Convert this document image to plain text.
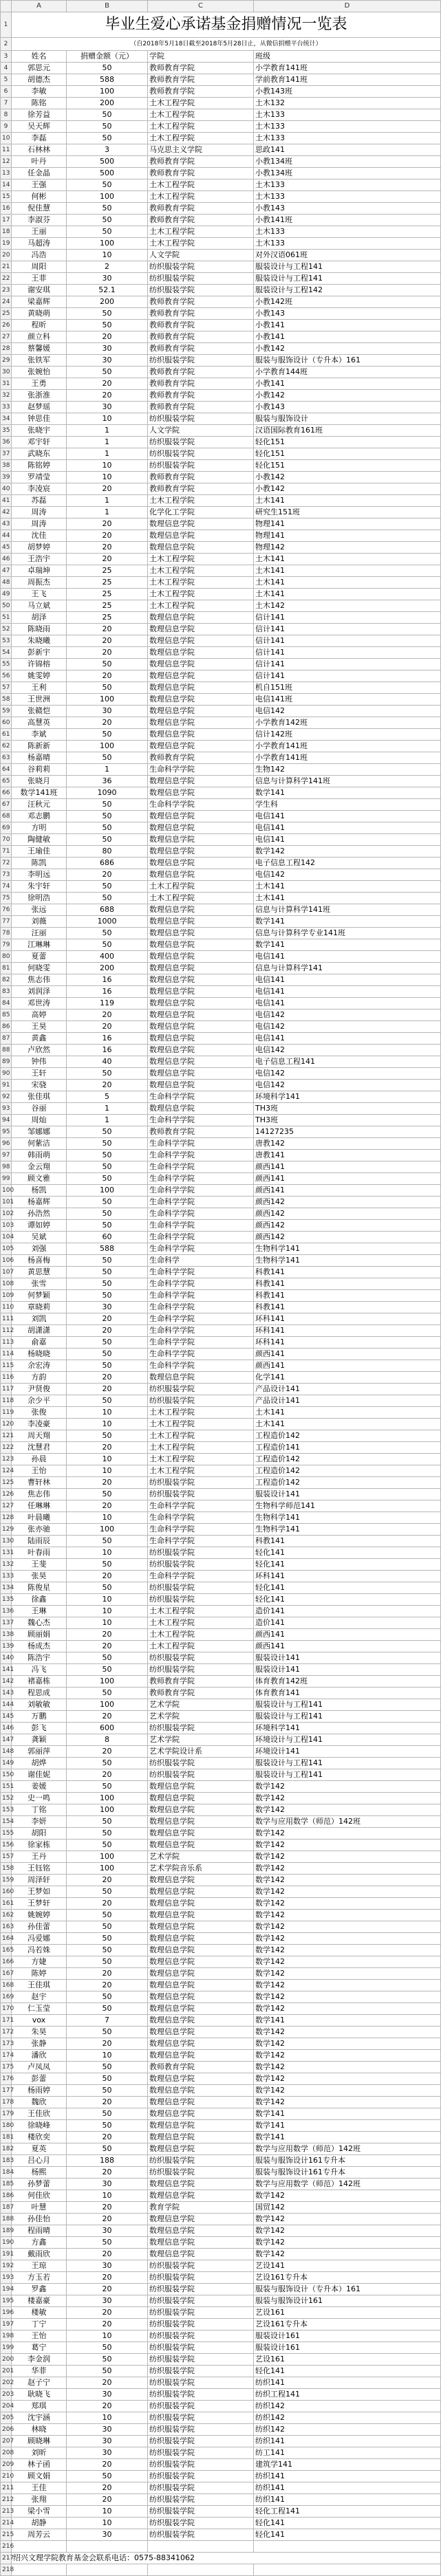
	A	B	C	D
1	毕业生爱心承诺基金捐赠情况一览表			
2	（自2018年5月18日截至2018年5月28日止，从微信捐赠平台统计）			
3	姓名	捐赠金额（元）	学院	班级
4	郭思元	50	教师教育学院	小学教育141班
5	胡德杰	588	教师教育学院	学前教育141班
6	李敏	100	教师教育学院	小教143班
7	陈铭	200	土木工程学院	土木132
8	徐芳益	50	土木工程学院	土木133
9	吴天辉	50	土木工程学院	土木133
10	李磊	50	土木工程学院	土木133
11	石林林	3	马克思主义学院	思政141
12	叶丹	500	教师教育学院	小教134班
13	任金晶	500	教师教育学院	小教134班
14	王强	50	土木工程学院	土木133
15	何彬	100	土木工程学院	土木133
16	倪佳慧	50	教师教育学院	小教143
17	李淑芬	50	教师教育学院	小教141班
18	王丽	50	土木工程学院	土木133
19	马超涛	100	土木工程学院	土木133
20	冯浩	10	人文学院	对外汉语061班
21	周阳	2	纺织服装学院	服装设计与工程141
22	王菲	30	纺织服装学院	服装设计与工程141
23	谢安琪	52.1	纺织服装学院	服装设计与工程142
24	梁嘉辉	200	教师教育学院	小教142班
25	黄晓萌	50	教师教育学院	小教143
26	程昕	50	教师教育学院	小教141
27	颜立科	20	教师教育学院	小教141
28	蔡馨媛	30	教师教育学院	小教142
29	张铁军	30	纺织服装学院	服装与服饰设计（专升本）161
30	张婉怡	50	教师教育学院	小学教育144班
31	王勇	20	教师教育学院	小教141
32	张浙淮	20	教师教育学院	小教142
33	赵梦瑶	30	教师教育学院	小教143
34	钟思佳	10	纺织服装学院	服装与服饰设计
35	张晓宇	1	人文学院	汉语国际教育161班
36	邓宇轩	1	纺织服装学院	轻化151
37	武晓东	1	纺织服装学院	轻化151
38	陈铭婷	10	纺织服装学院	轻化151
39	罗靖莹	10	教师教育学院	小教142
40	李凌宸	20	教师教育学院	小教142
41	苏磊	1	土木工程学院	土木141
42	周涛	1	化学化工学院	研究生151班
43	周涛	20	数理信息学院	物理141
44	沈佳	20	数理信息学院	物理141
45	胡梦婷	20	数理信息学院	物理142
46	王浩宇	20	土木工程学院	土木141
47	卓瑞坤	25	土木工程学院	土木141
48	周振杰	25	土木工程学院	土木141
49	王飞	25	土木工程学院	土木141
50	马立斌	25	土木工程学院	土木142
51	胡泽	25	数理信息学院	信计141
52	陈晓雨	20	数理信息学院	信计141
53	朱晓曦	20	数理信息学院	信计141
54	彭新宇	20	数理信息学院	信计141
55	许锦榕	50	数理信息学院	信计141
56	姚雯婷	20	数理信息学院	信计141
57	王利	50	数理信息学院	机自151班
58	王世洲	100	数理信息学院	电信141班
59	张赣恺	30	数理信息学院	电信142
60	高慧英	20	数理信息学院	小学教育142班
61	李斌	50	数理信息学院	信计142班
62	陈新新	100	数理信息学院	小学教育141班
63	杨嘉晴	50	教师教育学院	小学教育141班
64	谷莉莉	1	生命科学学院	生物142
65	张晓月	36	数理信息学院	信息与计算科学141班
66	数学141班	1090	数理信息学院	数学141
67	汪秋元	50	生命科学学院	学生科
68	邓志鹏	50	数理信息学院	电信141
69	方明	50	数理信息学院	电信141
70	陶健敏	50	数理信息学院	电信141
71	王瑜佳	80	数理信息学院	数学142
72	陈凯	686	数理信息学院	电子信息工程142
73	李明远	20	数理信息学院	电信142
74	朱宇轩	50	土木工程学院	土木141
75	徐明浩	50	土木工程学院	土木141
76	张远	688	数理信息学院	信息与计算科学141班
77	刘薇	1000	数理信息学院	数学141
78	汪丽	50	数理信息学院	信息与计算科学专业141班
79	江琳琳	50	数理信息学院	数学141
80	夏蕾	400	数理信息学院	电信141
81	何晓雯	200	数理信息学院	信息与计算科学141
82	焦志伟	16	数理信息学院	电信141
83	刘润泽	16	数理信息学院	电信141
84	邓世涛	119	数理信息学院	电信141
85	高婷	20	数理信息学院	电信142
86	王昊	20	数理信息学院	电信142
87	黄鑫	16	数理信息学院	电信141
88	卢欣然	16	数理信息学院	电信142
89	钟伟	40	数理信息学院	电子信息工程141
90	王轩	50	数理信息学院	电信142
91	宋骁	20	数理信息学院	电信142
92	张佳琪	5	生命科学学院	环境科学141
93	谷丽	1	数理信息学院	TH3班
94	周灿	1	生命科学学院	TH3班
95	邹娜娜	50	教师教育学院	14127235
96	何紫洁	50	生命科学学院	唐教142
97	韩雨萌	50	生命科学学院	唐教141
98	金云翔	50	生命科学学院	颜西141
99	顾文雅	50	生命科学学院	颜西141
100	杨凯	100	生命科学学院	颜西141
101	杨嘉辉	50	生命科学学院	颜西142
102	孙浩然	50	生命科学学院	颜西142
103	谭如婷	50	生命科学学院	颜西142
104	吴斌	60	生命科学学院	颜西142
105	刘强	588	生命科学学院	生物科学141
106	杨喜梅	50	生命科学	生物科学141
107	黄思慧	50	生命科学学院	科教141
108	张雪	50	生命科学学院	科教141
109	何梦颖	50	生命科学学院	科教141
110	章晓莉	30	生命科学学院	科教141
111	刘凯	20	生命科学学院	环科141
112	胡潇潇	20	生命科学学院	环科141
113	俞嘉	50	生命科学学院	环科141
114	杨晓晓	50	生命科学学院	颜西141
115	余宏涛	50	生命科学学院	颜西141
116	方韵	20	数理信息学院	化学141
117	尹贤俊	20	纺织服装学院	产品设计141
118	余少平	50	纺织服装学院	产品设计141
119	张俊	10	土木工程学院	土木141
120	李凌豪	10	土木工程学院	土木141
121	周天翔	50	土木工程学院	工程造价142
122	沈慧君	20	土木工程学院	工程造价141
123	孙晨	10	土木工程学院	工程造价142
124	王怡	10	土木工程学院	工程造价142
125	曹轩林	20	纺织服装学院	工程造价142
126	焦志伟	50	纺织服装学院	服装设计141
127	任琳琳	20	生命科学学院	生物科学师范141
128	叶晨曦	10	生命科学学院	生物科学141
129	张亦驰	100	生命科学学院	生物科学141
130	陆雨辰	50	生命科学学院	科教141
131	叶春雨	10	纺织服装学院	轻化141
132	王斐	50	纺织服装学院	轻化141
133	张昊	20	生命科学学院	环科141
134	陈俊星	50	纺织服装学院	轻化141
135	徐鑫	10	纺织服装学院	轻化141
136	王琳	10	土木工程学院	造价141
137	魏心杰	10	土木工程学院	造价141
138	顾丽娟	20	土木工程学院	颜西141
139	杨成杰	20	土木工程学院	颜西141
140	陈浩宇	50	纺织服装学院	服装设计141
141	冯飞	50	纺织服装学院	服装设计141
142	褚嘉栋	100	教师教育学院	体育教育142班
143	程思成	50	教师教育学院	体育教育141
144	刘敏敏	100	艺术学院	服装设计与工程141
145	万鹏	20	艺术学院	服装设计与工程141
146	彭飞	600	纺织服装学院	环境科学141
147	龚颖	8	艺术学院	环境设计与工程141
148	郭丽萍	20	艺术学院设计系	环境设计141
149	胡烨	50	纺织服装学院	服装设计与工程141
150	谢佳妮	20	纺织服装学院	服装设计与工程141
151	姜媛	50	数理信息学院	数学142
152	史一鸣	100	数理信息学院	数学142
153	丁铭	100	数理信息学院	数学142
154	李妍	50	数理信息学院	数学与应用数学（师范）142班
155	胡阳	50	数理信息学院	数学142
156	徐家栋	50	数理信息学院	数学142
157	王丹	100	艺术学院	数学142
158	王钰铭	100	艺术学院音乐系	数学142
159	周泽轩	20	数理信息学院	数学142
160	王梦如	50	数理信息学院	数学142
161	王梦轩	20	数理信息学院	数学142
162	姚婉婷	50	数理信息学院	数学142
163	孙佳蕾	50	数理信息学院	数学142
164	冯爱娜	50	数理信息学院	数学142
165	冯若姝	50	数理信息学院	数学142
166	方婕	50	数理信息学院	数学142
167	陈婷	20	数理信息学院	数学142
168	王佳琪	20	数理信息学院	数学142
169	赵宇	50	数理信息学院	数学142
170	仁玉莹	50	数理信息学院	数学142
171	vox	7	数理信息学院	数学141
172	朱昊	50	数理信息学院	数学142
173	张静	20	数理信息学院	数学142
174	潘欣	10	数理信息学院	数学142
175	卢凤凤	50	教师教育学院	数学142
176	彭蕾	50	数理信息学院	数学142
177	杨雨婷	50	数理信息学院	数学142
178	魏欣	20	数理信息学院	数学142
179	王佳欣	50	数理信息学院	数学141
180	徐晓峰	50	数理信息学院	数学141
181	楼欣奕	20	数理信息学院	数学141
182	夏英	50	数理信息学院	数学与应用数学（师范）142班
183	吕心月	188	纺织服装学院	服装与服饰设计161专升本
184	杨熙	20	纺织服装学院	服装与服饰设计161专升本
185	孙梦蕾	30	数理信息学院	数学与应用数学（师范）142班
186	何佳欣	10	数理信息学院	数学142
187	叶慧	20	教育学院	国贸142
188	孙佳怡	20	数理信息学院	数学142
189	程雨晴	30	数理信息学院	数学142
190	方鑫	50	数理信息学院	数学142
191	戴雨欣	20	数理信息学院	数学142
192	王琼	30	纺织服装学院	艺设141
193	方玉若	20	纺织服装学院	艺设161专升本
194	罗鑫	20	纺织服装学院	服装与服饰设计（专升本）161
195	楼嘉豪	30	纺织服装学院	服装与服饰设计161
196	楼敏	20	纺织服装学院	艺设161
197	丁宁	20	纺织服装学院	艺设161专升本
198	王怡	10	纺织服装学院	服装设计161
199	葛宁	50	纺织服装学院	服装设计161
200	李金润	50	纺织服装学院	艺设161
201	华菲	50	纺织服装学院	轻化141
202	赵子宁	20	纺织服装学院	纺织141
203	耿晓飞	30	纺织服装学院	纺织工程141
204	郑琪	20	纺织服装学院	纺织142
205	沈宇涵	10	纺织服装学院	纺织142
206	林晓	30	纺织服装学院	纺织142
207	顾晓琳	30	纺织服装学院	纺织141
208	刘昕	30	纺织服装学院	纺工141
209	林子函	20	纺织服装学院	建筑学141
210	顾文娟	50	纺织服装学院	纺织141
211	王佳	20	纺织服装学院	纺织141
212	张翔	20	纺织服装学院	纺织141
213	梁小雪	10	纺织服装学院	轻化工程141
214	胡静	10	纺织服装学院	轻化141
215	周芳云	30	纺织服装学院	轻化141
216				
217	绍兴文理学院教育基金会联系电话：0575-88341062			
218				
